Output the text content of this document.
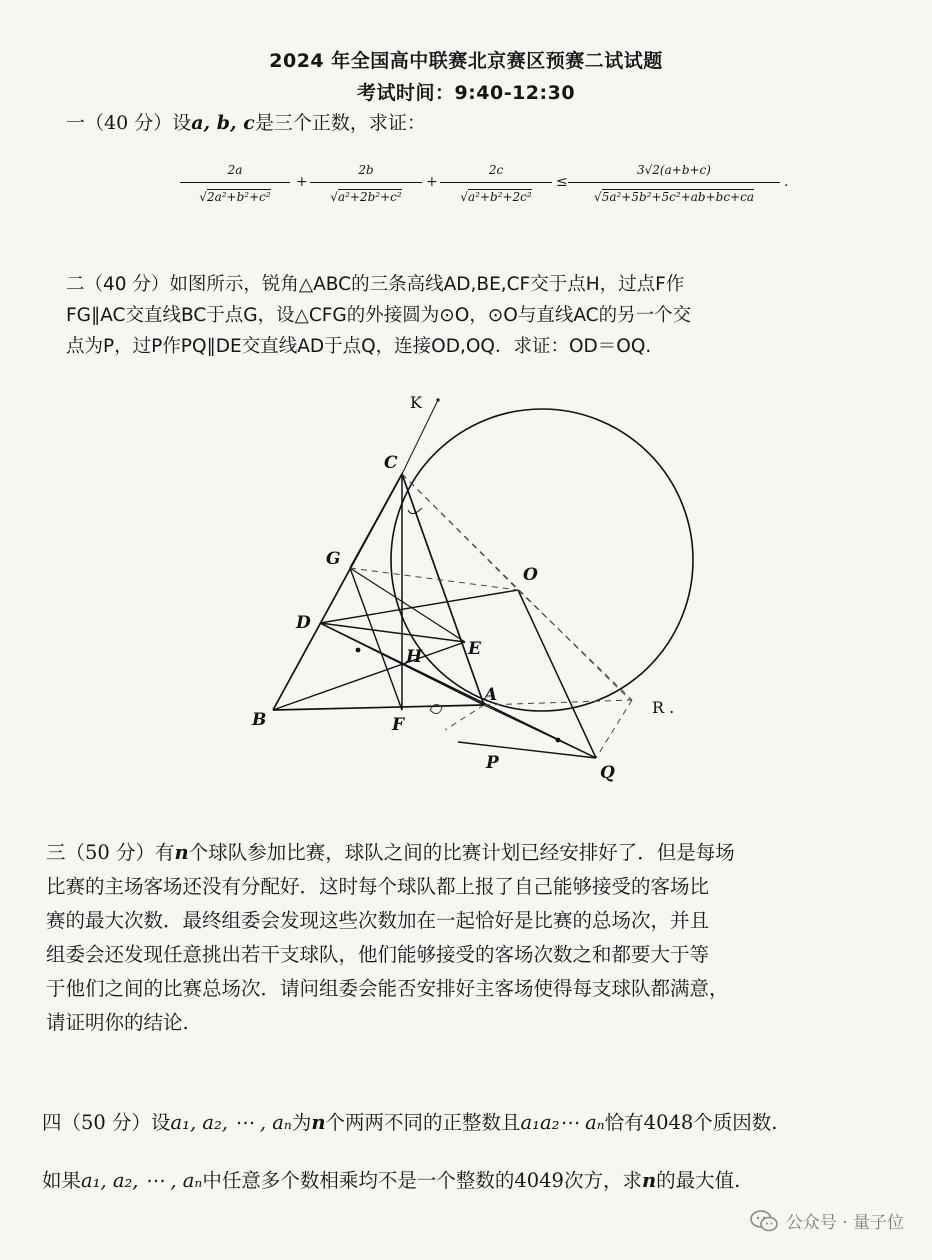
2024 年全国高中联赛北京赛区预赛二试试题
考试时间：9:40-12:30
一（40 分）设a, b, c是三个正数，求证：
2a
√2a²+b²+c²
+
2b
√a²+2b²+c²
+
2c
√a²+b²+2c²
≤
3√2(a+b+c)
√5a²+5b²+5c²+ab+bc+ca
.
二（40 分）如图所示，锐角△ABC的三条高线AD,BE,CF交于点H，过点F作
FG∥AC交直线BC于点G，设△CFG的外接圆为⊙O，⊙O与直线AC的另一个交
点为P，过P作PQ∥DE交直线AD于点Q，连接OD,OQ．求证：OD＝OQ.
C
G
O
D
E
H
A
B	F
P	Q
R .
K
三（50 分）有n个球队参加比赛，球队之间的比赛计划已经安排好了．但是每场
比赛的主场客场还没有分配好．这时每个球队都上报了自己能够接受的客场比
赛的最大次数．最终组委会发现这些次数加在一起恰好是比赛的总场次，并且
组委会还发现任意挑出若干支球队，他们能够接受的客场次数之和都要大于等
于他们之间的比赛总场次．请问组委会能否安排好主客场使得每支球队都满意，
请证明你的结论.
四（50 分）设a₁, a₂, ⋯ , aₙ为n个两两不同的正整数且a₁a₂⋯ aₙ恰有4048个质因数.
如果a₁, a₂, ⋯ , aₙ中任意多个数相乘均不是一个整数的4049次方，求n的最大值.
公众号 · 量子位
